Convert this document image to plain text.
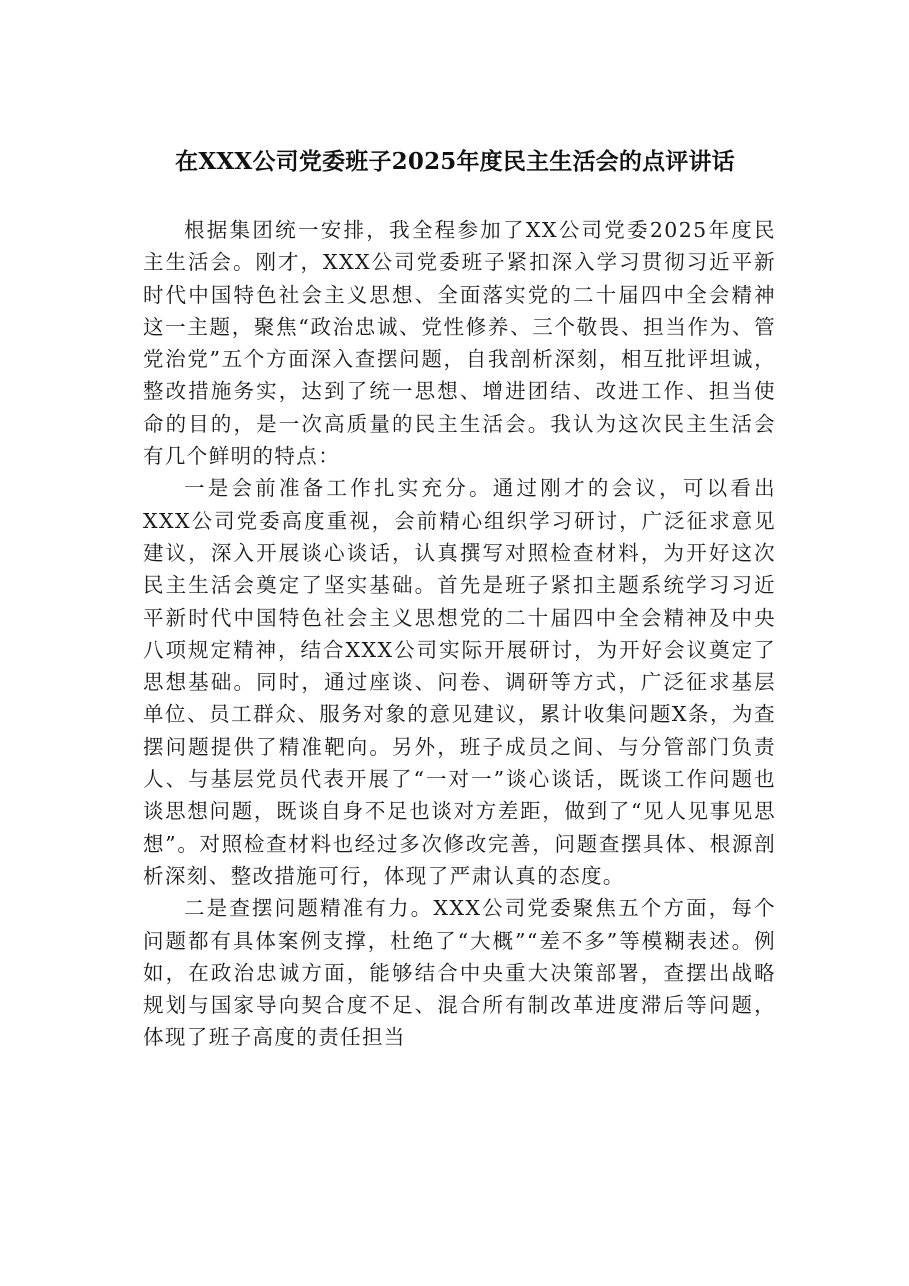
在XXX公司党委班子2025年度民主生活会的点评讲话

根据集团统一安排，我全程参加了XX公司党委2025年度民主生活会。刚才，XXX公司党委班子紧扣深入学习贯彻习近平新时代中国特色社会主义思想、全面落实党的二十届四中全会精神这一主题，聚焦“政治忠诚、党性修养、三个敬畏、担当作为、管党治党”五个方面深入查摆问题，自我剖析深刻，相互批评坦诚，整改措施务实，达到了统一思想、增进团结、改进工作、担当使命的目的，是一次高质量的民主生活会。我认为这次民主生活会有几个鲜明的特点：

一是会前准备工作扎实充分。通过刚才的会议，可以看出XXX公司党委高度重视，会前精心组织学习研讨，广泛征求意见建议，深入开展谈心谈话，认真撰写对照检查材料，为开好这次民主生活会奠定了坚实基础。首先是班子紧扣主题系统学习习近平新时代中国特色社会主义思想党的二十届四中全会精神及中央八项规定精神，结合XXX公司实际开展研讨，为开好会议奠定了思想基础。同时，通过座谈、问卷、调研等方式，广泛征求基层单位、员工群众、服务对象的意见建议，累计收集问题X条，为查摆问题提供了精准靶向。另外，班子成员之间、与分管部门负责人、与基层党员代表开展了“一对一”谈心谈话，既谈工作问题也谈思想问题，既谈自身不足也谈对方差距，做到了“见人见事见思想”。对照检查材料也经过多次修改完善，问题查摆具体、根源剖析深刻、整改措施可行，体现了严肃认真的态度。

二是查摆问题精准有力。XXX公司党委聚焦五个方面，每个问题都有具体案例支撑，杜绝了“大概”“差不多”等模糊表述。例如，在政治忠诚方面，能够结合中央重大决策部署，查摆出战略规划与国家导向契合度不足、混合所有制改革进度滞后等问题，体现了班子高度的责任担当
